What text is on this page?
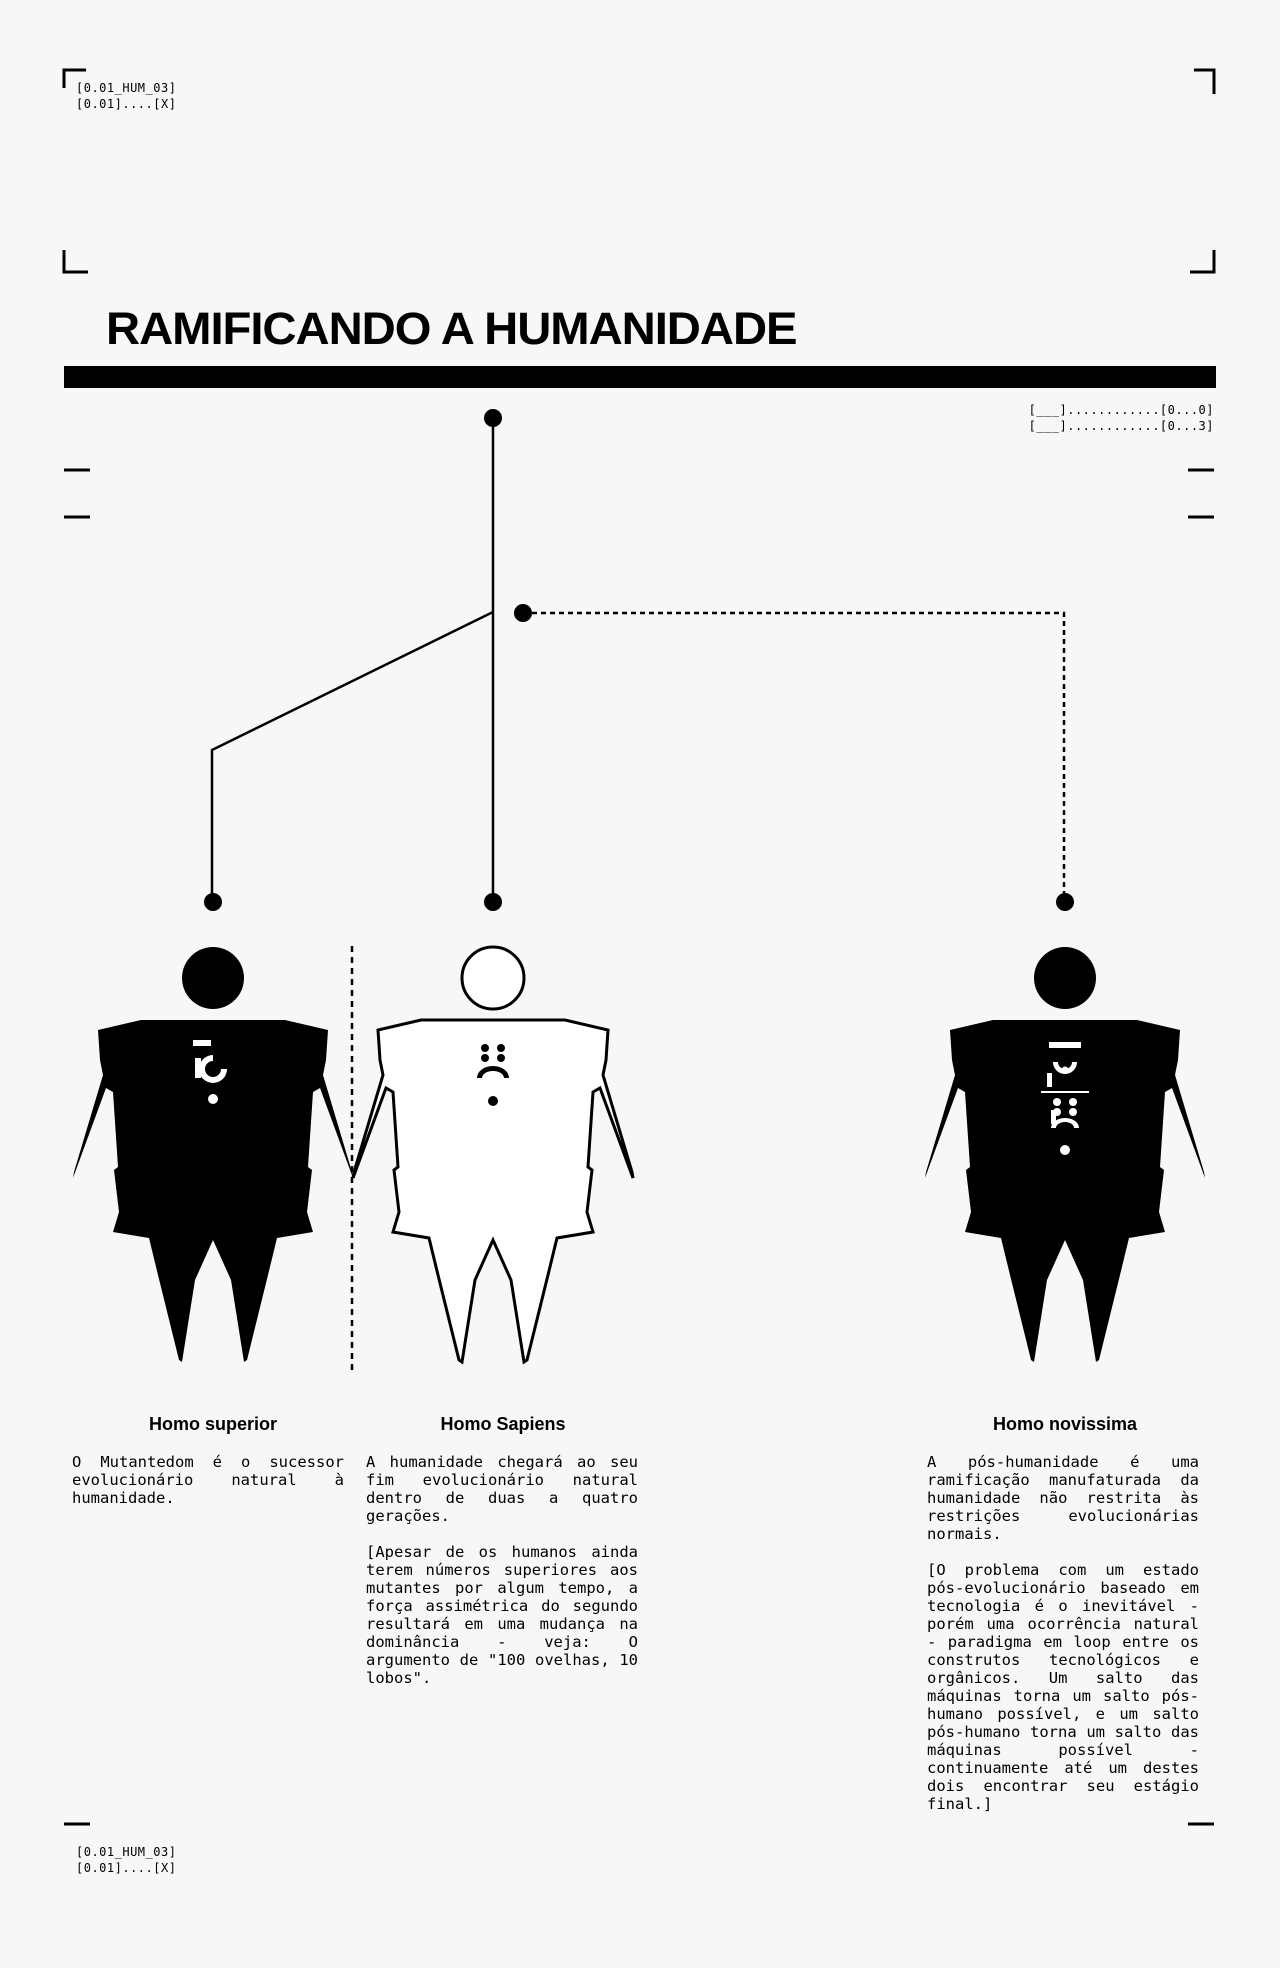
[0.01_HUM_03]
[0.01]....[X]
RAMIFICANDO A HUMANIDADE
[___]............[0...0]
[___]............[0...3]
Homo superior	Homo Sapiens	Homo novissima

O Mutantedom é o sucessor evolucionário natural à humanidade.

A humanidade chegará ao seu fim evolucionário natural dentro de duas a quatro gerações.

[Apesar de os humanos ainda terem números superiores aos mutantes por algum tempo, a força assimétrica do segundo resultará em uma mudança na dominância - veja: O argumento de "100 ovelhas, 10 lobos".

A pós-humanidade é uma ramificação manufaturada da humanidade não restrita às restrições evolucionárias normais.

[O problema com um estado pós-evolucionário baseado em tecnologia é o inevitável - porém uma ocorrência natural - paradigma em loop entre os construtos tecnológicos e orgânicos. Um salto das máquinas torna um salto pós-humano possível, e um salto pós-humano torna um salto das máquinas possível - continuamente até um destes dois encontrar seu estágio final.]

[0.01_HUM_03]
[0.01]....[X]
